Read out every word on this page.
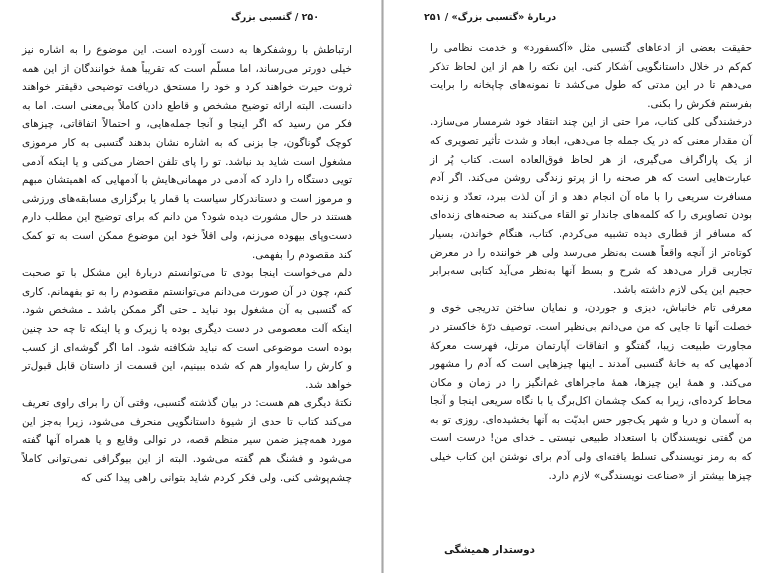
۲۵۰ / گتسبی بزرگ

ارتباطش با روشفکرها به دست آورده است. این موضوع را به اشاره نیز خیلی دورتر می‌رساند، اما مسلّم است که تقریباً همهٔ خوانندگان از این همه ثروت حیرت خواهند کرد و خود را مستحق دریافت توضیحی دقیقتر خواهند دانست. البته ارائه توضیح مشخص و قاطع دادن کاملاً بی‌معنی است. اما به فکر من رسید که اگر اینجا و آنجا جمله‌هایی، و احتمالاً اتفاقاتی، چیزهای کوچک گوناگون، جا بزنی که به اشاره نشان بدهند گتسبی به کار مرموزی مشغول است شاید بد نباشد. تو را پای تلفن احضار می‌کنی و یا اینکه آدمی تویی دستگاه را دارد که آدمی در مهمانی‌هایش با آدمهایی که اهمیتشان مبهم و مرموز است و دستاندرکار سیاست یا قمار یا برگزاری مسابقه‌های ورزشی هستند در حال مشورت دیده شود؟ من دانم که برای توضیح این مطلب دارم دست‌وپای بیهوده می‌زنم، ولی اقلاً خود این موضوع ممکن است به تو کمک کند مقصودم را بفهمی.

دلم می‌خواست اینجا بودی تا می‌توانستم دربارهٔ این مشکل با تو صحبت کنم، چون در آن صورت می‌دانم می‌توانستم مقصودم را به تو بفهمانم. کاری که گتسبی به آن مشغول بود نباید ـ حتی اگر ممکن باشد ـ مشخص شود. اینکه آلت معصومی در دست دیگری بوده یا زیرک و یا اینکه تا چه حد چنین بوده است موضوعی است که نباید شکافته شود. اما اگر گوشه‌ای از کسب و کارش را سایه‌وار هم که شده ببینیم، این قسمت از داستان قابل قبول‌تر خواهد شد.

نکتهٔ دیگری هم هست: در بیان گذشته گتسبی، وقتی آن را برای راوی تعریف می‌کند کتاب تا حدی از شیوهٔ داستانگویی منحرف می‌شود، زیرا به‌جز این مورد همه‌چیز ضمن سیر منظم قصه، در توالی وقایع و یا همراه آنها گفته می‌شود و فشنگ هم گفته می‌شود. البته از این بیوگرافی نمی‌توانی کاملاً چشم‌پوشی کنی. ولی فکر کردم شاید بتوانی راهی پیدا کنی که

دربارهٔ «گتسبی بزرگ» / ۲۵۱

حقیقت بعضی از ادعاهای گتسبی مثل «آکسفورد» و خدمت نظامی را کم‌کم در خلال داستانگویی آشکار کنی. این نکته را هم از این لحاظ تذکر می‌دهم تا در این مدتی که طول می‌کشد تا نمونه‌های چاپخانه را برایت بفرستم فکرش را بکنی.

درخشندگی کلی کتاب، مرا حتی از این چند انتقاد خود شرمسار می‌سازد. آن مقدار معنی که در یک جمله جا می‌دهی، ابعاد و شدت تأثیر تصویری که از یک پاراگراف می‌گیری، از هر لحاظ فوق‌العاده است. کتاب پُر از عبارت‌هایی است که هر صحنه را از پرتو زندگی روشن می‌کند. اگر آدم مسافرت سریعی را با ماه آن انجام دهد و از آن لذت ببرد، تعدّد و زنده بودن تصاویری را که کلمه‌های جاندار تو القاء می‌کنند به صحنه‌های زنده‌ای که مسافر از قطاری دیده تشبیه می‌کردم. کتاب، هنگام خواندن، بسیار کوتاه‌تر از آنچه واقعاً هست به‌نظر می‌رسد ولی هر خواننده را در معرض تجاربی قرار می‌دهد که شرح و بسط آنها به‌نظر می‌آید کتابی سه‌برابر حجیم این یکی لازم داشته باشد.

معرفی تام خانباش، دیزی و جوردن، و نمایان ساختن تدریجی خوی و خصلت آنها تا جایی که من می‌دانم بی‌نظیر است. توصیف درّهٔ خاکستر در مجاورت طبیعت زیبا، گفتگو و اتفاقات آپارتمان مرتل، فهرست معرکهٔ آدمهایی که به خانهٔ گتسبی آمدند ـ اینها چیزهایی است که آدم را مشهور می‌کند. و همهٔ این چیزها، همهٔ ماجراهای غم‌انگیز را در زمان و مکان محاط کرده‌ای، زیرا به کمک چشمان اکل‌برگ یا با نگاه سریعی اینجا و آنجا به آسمان و دریا و شهر یک‌جور حس ابدیّت به آنها بخشیده‌ای. روزی تو به من گفتی نویسندگان با استعداد طبیعی نیستی ـ خدای من! درست است که به رمز نویسندگی تسلط یافته‌ای ولی آدم برای نوشتن این کتاب خیلی چیزها بیشتر از «صناعت نویسندگی» لازم دارد.

دوستدار همیشگی
